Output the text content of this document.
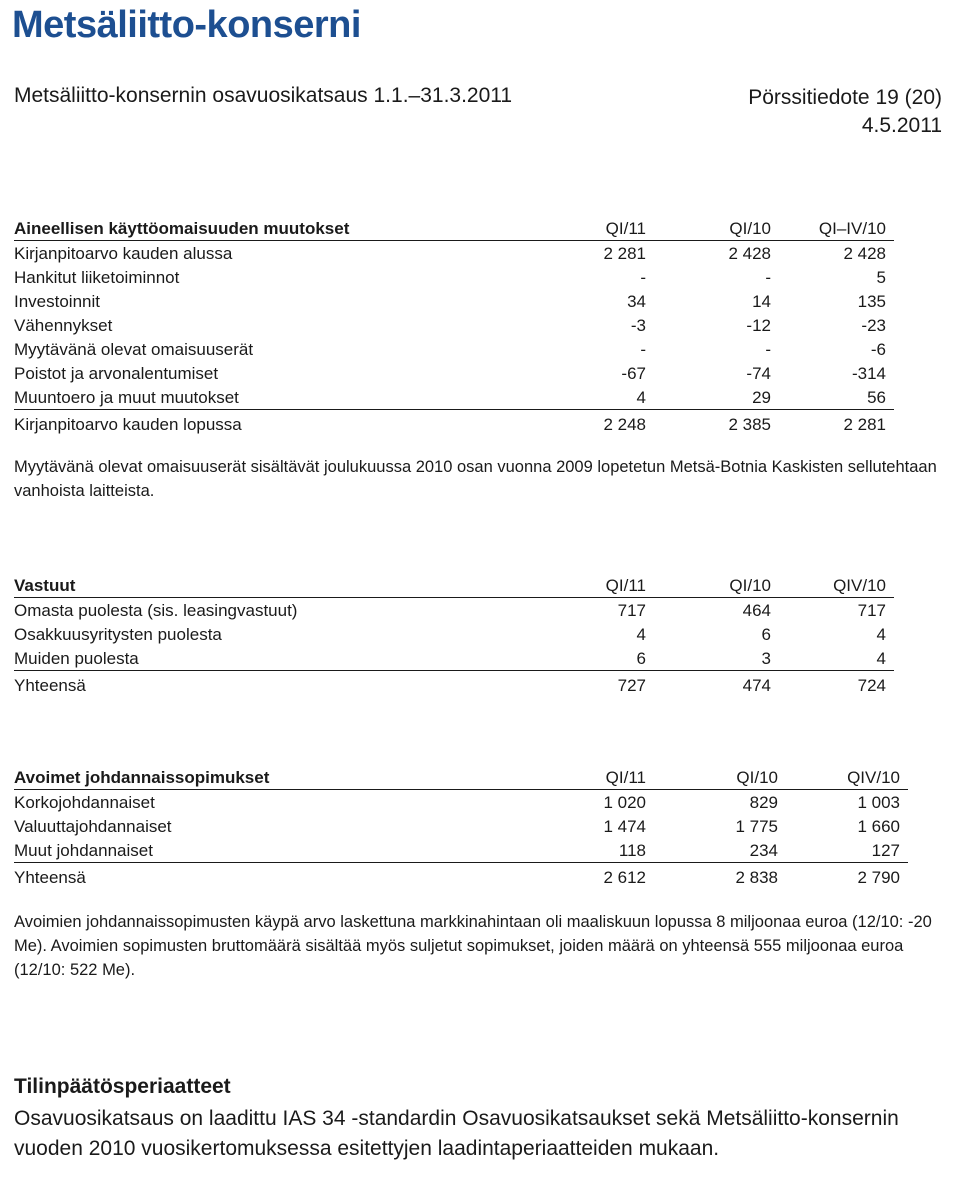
Metsäliitto-konserni
Metsäliitto-konsernin osavuosikatsaus 1.1.–31.3.2011	Pörssitiedote 19 (20)
4.5.2011
Aineellisen käyttöomaisuuden muutokset	QI/11	QI/10	QI–IV/10
Kirjanpitoarvo kauden alussa	2 281	2 428	2 428
Hankitut liiketoiminnot	-	-	5
Investoinnit	34	14	135
Vähennykset	-3	-12	-23
Myytävänä olevat omaisuuserät	-	-	-6
Poistot ja arvonalentumiset	-67	-74	-314
Muuntoero ja muut muutokset	4	29	56
Kirjanpitoarvo kauden lopussa	2 248	2 385	2 281
Myytävänä olevat omaisuuserät sisältävät joulukuussa 2010 osan vuonna 2009 lopetetun Metsä-Botnia Kaskisten sellutehtaan vanhoista laitteista.
Vastuut	QI/11	QI/10	QIV/10
Omasta puolesta (sis. leasingvastuut)	717	464	717
Osakkuusyritysten puolesta	4	6	4
Muiden puolesta	6	3	4
Yhteensä	727	474	724
Avoimet johdannaissopimukset	QI/11	QI/10	QIV/10
Korkojohdannaiset	1 020	829	1 003
Valuuttajohdannaiset	1 474	1 775	1 660
Muut johdannaiset	118	234	127
Yhteensä	2 612	2 838	2 790
Avoimien johdannaissopimusten käypä arvo laskettuna markkinahintaan oli maaliskuun lopussa 8 miljoonaa euroa (12/10: -20 Me). Avoimien sopimusten bruttomäärä sisältää myös suljetut sopimukset, joiden määrä on yhteensä 555 miljoonaa euroa (12/10: 522 Me).
Tilinpäätösperiaatteet
Osavuosikatsaus on laadittu IAS 34 -standardin Osavuosikatsaukset sekä Metsäliitto-konsernin vuoden 2010 vuosikertomuksessa esitettyjen laadintaperiaatteiden mukaan.
